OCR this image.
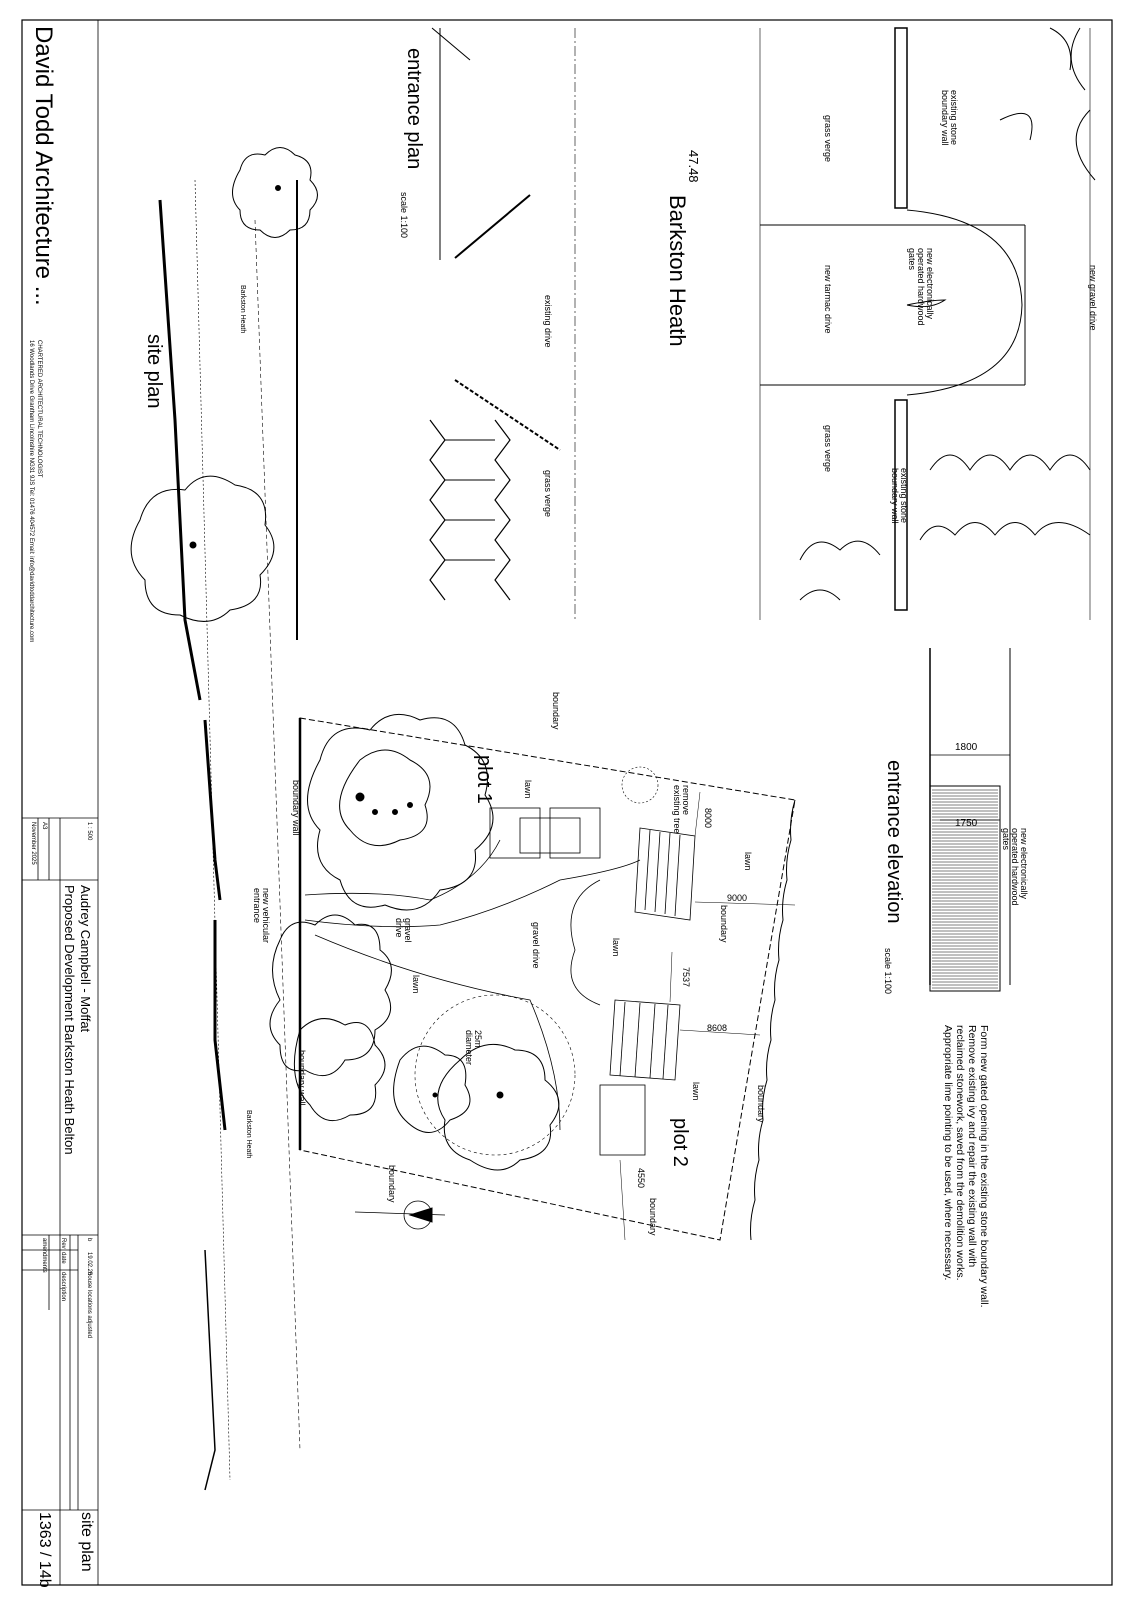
David Todd Architecture ...
CHARTERED ARCHITECTURAL TECHNOLOGIST
16 Woodlands Drive Grantham Lincolnshire NG31 9JS Tel: 01476 404572 Email: info@davidtoddarchitecture.com
1 : 500
A3
November 2025
Audrey Campbell - Moffat
Proposed Development Barkston Heath Belton
b
19.02.26
house locations adjusted
Rev
date
description
amendments
site plan
1363 / 14b
entrance plan
scale 1:100	Barkston Heath
47.48
existing stone boundary wall
grass verge
new electronically operated hardwood gates
new gravel drive
new tarmac drive
grass verge
existing stone boundary wall
existing drive
grass verge
entrance elevation
scale 1:100
1800
1750
new electronically operated hardwood gates
Form new gated opening in the existing stone boundary wall.
Remove existing ivy and repair the existing wall with
reclaimed stonework, saved from the demolition works.
Appropriate lime pointing to be used, where necessary.
site plan
Barkston Heath
Barkston Heath
plot 1
plot 2
boundary
boundary
boundary
boundary
boundary
boundary wall
boundary wall
lawn
lawn
lawn
lawn
lawn
gravel drive
gravel drive
new vehicular entrance
remove existing tree
25m diameter
8000
9000
7537
8608
4550
